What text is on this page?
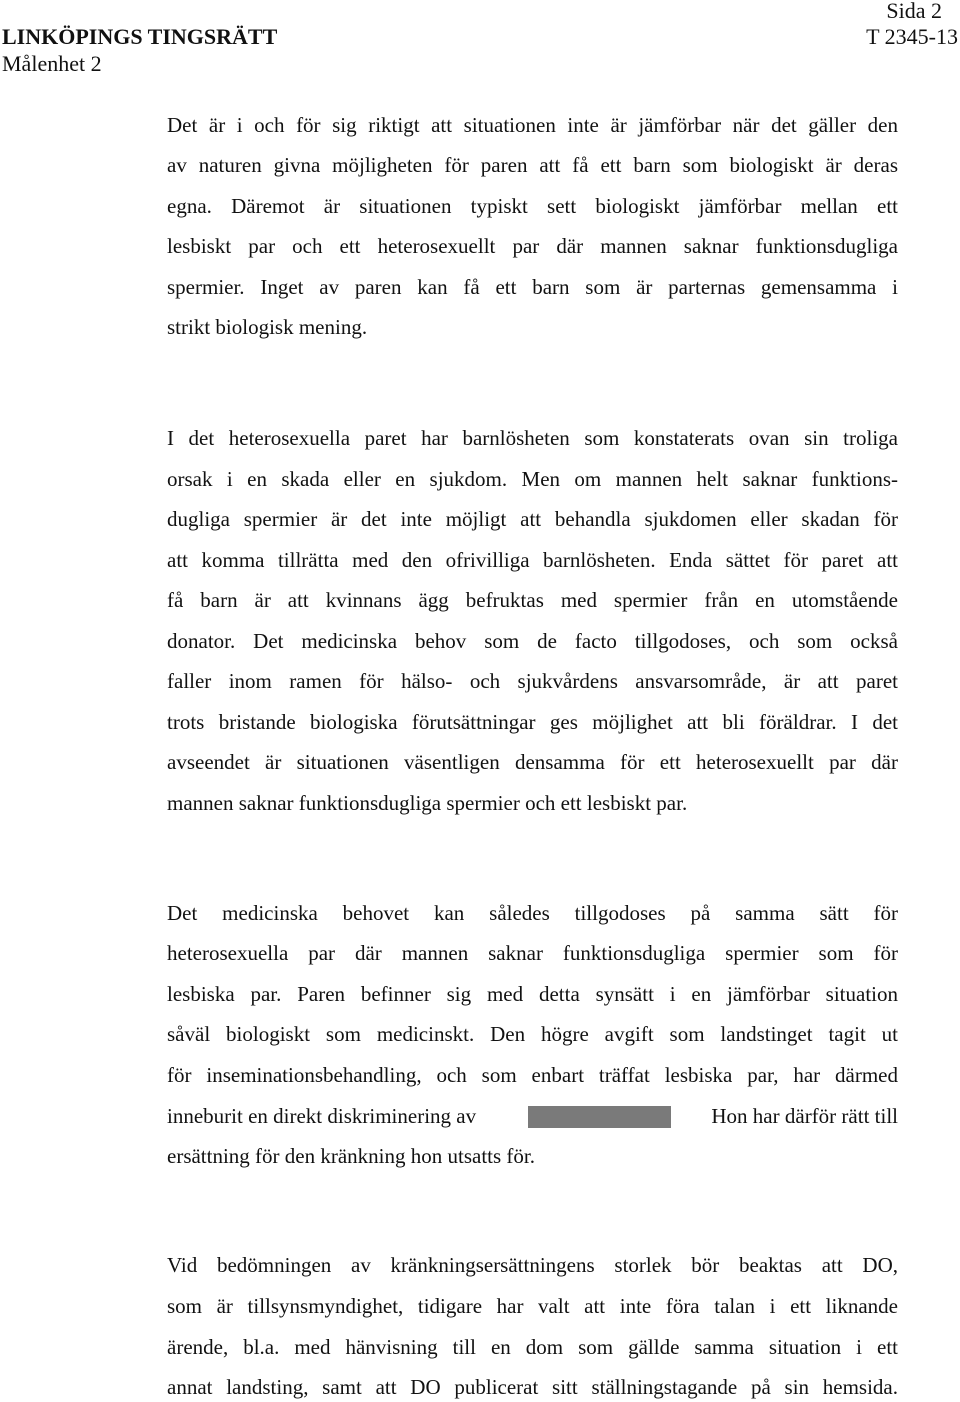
LINKÖPINGS TINGSRÄTT
Målenhet 2
Sida 2
T 2345-13
Det är i och för sig riktigt att situationen inte är jämförbar när det gäller den
av naturen givna möjligheten för paren att få ett barn som biologiskt är deras
egna. Däremot är situationen typiskt sett biologiskt jämförbar mellan ett
lesbiskt par och ett heterosexuellt par där mannen saknar funktionsdugliga
spermier. Inget av paren kan få ett barn som är parternas gemensamma i
strikt biologisk mening.
I det heterosexuella paret har barnlösheten som konstaterats ovan sin troliga
orsak i en skada eller en sjukdom. Men om mannen helt saknar funktions-
dugliga spermier är det inte möjligt att behandla sjukdomen eller skadan för
att komma tillrätta med den ofrivilliga barnlösheten. Enda sättet för paret att
få barn är att kvinnans ägg befruktas med spermier från en utomstående
donator. Det medicinska behov som de facto tillgodoses, och som också
faller inom ramen för hälso- och sjukvårdens ansvarsområde, är att paret
trots bristande biologiska förutsättningar ges möjlighet att bli föräldrar. I det
avseendet är situationen väsentligen densamma för ett heterosexuellt par där
mannen saknar funktionsdugliga spermier och ett lesbiskt par.
Det medicinska behovet kan således tillgodoses på samma sätt för
heterosexuella par där mannen saknar funktionsdugliga spermier som för
lesbiska par. Paren befinner sig med detta synsätt i en jämförbar situation
såväl biologiskt som medicinskt. Den högre avgift som landstinget tagit ut
för inseminationsbehandling, och som enbart träffat lesbiska par, har därmed
inneburit en direkt diskriminering av	Hon har därför rätt till
ersättning för den kränkning hon utsatts för.
Vid bedömningen av kränkningsersättningens storlek bör beaktas att DO,
som är tillsynsmyndighet, tidigare har valt att inte föra talan i ett liknande
ärende, bl.a. med hänvisning till en dom som gällde samma situation i ett
annat landsting, samt att DO publicerat sitt ställningstagande på sin hemsida.
